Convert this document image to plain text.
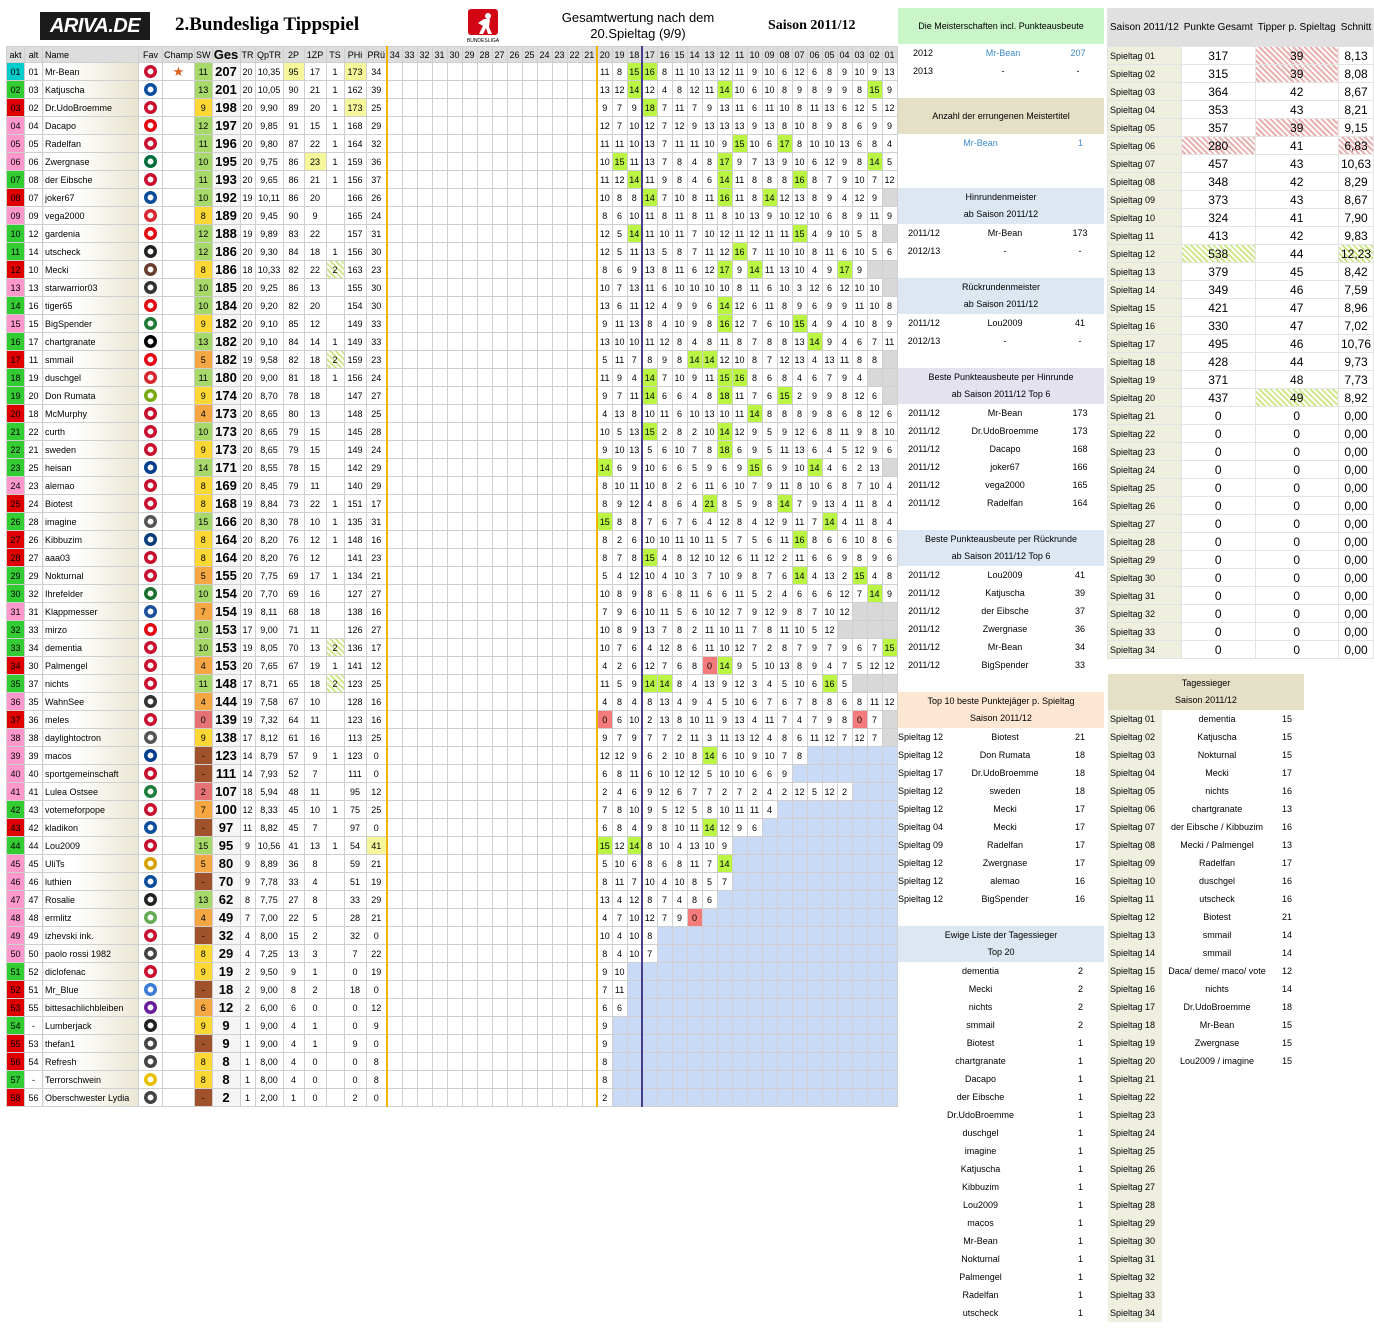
ARIVA.DE 2.Bundesliga Tippspiel
BUNDESLIGA
Gesamtwertung nach dem
20.Spieltag (9/9)
Saison 2011/12
akt	alt	Name	Fav	Champ	SW	Ges	TR	QpTR	2P	1ZP	TS	PHi	PRü	34	33	32	31	30	29	28	27	26	25	24	23	22	21	20	19	18	17	16	15	14	13	12	11	10	09	08	07	06	05	04	03	02	01
01	01	Mr-Bean		★	11	207	20	10,35	95	17	1	173	34															11	8	15	16	8	11	10	13	12	11	9	10	6	12	6	8	9	10	9	13
02	03	Katjuscha			13	201	20	10,05	90	21	1	162	39															13	12	14	12	4	8	12	11	14	10	6	10	8	9	8	9	9	8	15	9
03	02	Dr.UdoBroemme			9	198	20	9,90	89	20	1	173	25															9	7	9	18	7	11	7	9	13	11	6	11	10	8	11	13	6	12	5	12
04	04	Dacapo			12	197	20	9,85	91	15	1	168	29															12	7	10	12	7	12	9	13	13	13	9	13	8	10	8	9	8	6	9	9
05	05	Radelfan			11	196	20	9,80	87	22	1	164	32															11	11	10	13	7	11	11	10	9	15	10	6	17	8	10	10	13	6	8	4
06	06	Zwergnase			10	195	20	9,75	86	23	1	159	36															10	15	11	13	7	8	4	8	17	9	7	13	9	10	6	12	9	8	14	5
07	08	der Eibsche			11	193	20	9,65	86	21	1	156	37															11	12	14	11	9	8	4	6	14	11	8	8	8	16	8	7	9	10	7	12
08	07	joker67			10	192	19	10,11	86	20		166	26															10	8	8	14	7	10	8	11	16	11	8	14	12	13	8	9	4	12	9	
09	09	vega2000			8	189	20	9,45	90	9		165	24															8	6	10	11	8	11	8	11	8	10	13	9	10	12	10	6	8	9	11	9
10	12	gardenia			12	188	19	9,89	83	22		157	31															12	5	14	11	10	11	7	10	12	11	12	11	11	15	4	9	10	5	8	
11	14	utscheck			12	186	20	9,30	84	18	1	156	30															12	5	11	13	5	8	7	11	12	16	7	11	10	10	8	11	6	10	5	6
12	10	Mecki			8	186	18	10,33	82	22	2	163	23															8	6	9	13	8	11	6	12	17	9	14	11	13	10	4	9	17	9		
13	13	starwarrior03			10	185	20	9,25	86	13		155	30															10	7	13	11	6	10	10	10	10	8	11	6	10	3	12	6	12	10	10	
14	16	tiger65			10	184	20	9,20	82	20		154	30															13	6	11	12	4	9	9	6	14	12	6	11	8	9	6	9	9	11	10	8
15	15	BigSpender			9	182	20	9,10	85	12		149	33															9	11	13	8	4	10	9	8	16	12	7	6	10	15	4	9	4	10	8	9
16	17	chartgranate			13	182	20	9,10	84	14	1	149	33															13	10	10	11	12	8	4	8	11	8	7	8	8	13	14	9	4	6	7	11
17	11	smmail			5	182	19	9,58	82	18	2	159	23															5	11	7	8	9	8	14	14	12	10	8	7	12	13	4	13	11	8	8	
18	19	duschgel			11	180	20	9,00	81	18	1	156	24															11	9	4	14	7	10	9	11	15	16	8	6	8	4	6	7	9	4		
19	20	Don Rumata			9	174	20	8,70	78	18		147	27															9	7	11	14	6	6	4	8	18	11	7	6	15	2	9	9	8	12	6	
20	18	McMurphy			4	173	20	8,65	80	13		148	25															4	13	8	10	11	6	10	13	10	11	14	8	8	8	9	8	6	8	12	6
21	22	curth			10	173	20	8,65	79	15		145	28															10	5	13	15	2	8	2	10	14	12	9	5	9	12	6	8	11	9	8	10
22	21	sweden			9	173	20	8,65	79	15		149	24															9	10	13	5	6	10	7	8	18	6	9	5	11	13	6	4	5	12	9	6
23	25	heisan			14	171	20	8,55	78	15		142	29															14	6	9	10	6	6	5	9	6	9	15	6	9	10	14	4	6	2	13	
24	23	alemao			8	169	20	8,45	79	11		140	29															8	10	11	10	8	2	6	11	6	10	7	9	11	8	10	6	8	7	10	4
25	24	Biotest			8	168	19	8,84	73	22	1	151	17															8	9	12	4	8	6	4	21	8	5	9	8	14	7	9	13	4	11	8	4
26	28	imagine			15	166	20	8,30	78	10	1	135	31															15	8	8	7	6	7	6	4	12	8	4	12	9	11	7	14	4	11	8	4
27	26	Kibbuzim			8	164	20	8,20	76	12	1	148	16															8	2	6	10	10	11	10	11	5	7	5	6	11	16	8	6	6	10	8	6
28	27	aaa03			8	164	20	8,20	76	12		141	23															8	7	8	15	4	8	12	10	12	6	11	12	2	11	6	6	9	8	9	6
29	29	Nokturnal			5	155	20	7,75	69	17	1	134	21															5	4	12	10	4	10	3	7	10	9	8	7	6	14	4	13	2	15	4	8
30	32	Ihrefelder			10	154	20	7,70	69	16		127	27															10	8	9	8	6	8	11	6	6	11	5	2	4	6	6	6	12	7	14	9
31	31	Klappmesser			7	154	19	8,11	68	18		138	16															7	9	6	10	11	5	6	10	12	7	9	12	9	8	7	10	12			
32	33	mirzo			10	153	17	9,00	71	11		126	27															10	8	9	13	7	8	2	11	10	11	7	8	11	10	5	12				
33	34	dementia			10	153	19	8,05	70	13	2	136	17															10	7	6	4	12	8	6	11	10	12	7	2	8	7	9	7	9	6	7	15
34	30	Palmengel			4	153	20	7,65	67	19	1	141	12															4	2	6	12	7	6	8	0	14	9	5	10	13	8	9	4	7	5	12	12
35	37	nichts			11	148	17	8,71	65	18	2	123	25															11	5	9	14	14	8	4	13	9	12	3	4	5	10	6	16	5			
36	35	WahnSee			4	144	19	7,58	67	10		128	16															4	8	4	8	13	4	9	4	5	10	6	7	6	7	8	8	6	8	11	12
37	36	meles			0	139	19	7,32	64	11		123	16															0	6	10	2	13	8	10	11	9	13	4	11	7	4	7	9	8	0	7	
38	38	daylightoctron			9	138	17	8,12	61	16		113	25															9	7	9	7	7	2	11	3	11	13	12	4	8	6	11	12	7	12	7	
39	39	macos			-	123	14	8,79	57	9	1	123	0															12	12	9	6	2	10	8	14	6	10	9	10	7	8						
40	40	sportgemeinschaft			-	111	14	7,93	52	7		111	0															6	8	11	6	10	12	12	5	10	10	6	6	9							
41	41	Lulea Ostsee			2	107	18	5,94	48	11		95	12															2	4	6	9	12	6	7	7	2	7	2	4	2	12	5	12	2			
42	43	votemeforpope			7	100	12	8,33	45	10	1	75	25															7	8	10	9	5	12	5	8	10	11	11	4								
43	42	kladikon			-	97	11	8,82	45	7		97	0															6	8	4	9	8	10	11	14	12	9	6									
44	44	Lou2009			15	95	9	10,56	41	13	1	54	41															15	12	14	8	10	4	13	10	9											
45	45	UliTs			5	80	9	8,89	36	8		59	21															5	10	6	8	6	8	11	7	14											
46	46	luthien			-	70	9	7,78	33	4		51	19															8	11	7	10	4	10	8	5	7											
47	47	Rosalie			13	62	8	7,75	27	8		33	29															13	4	12	8	7	4	8	6												
48	48	ermlitz			4	49	7	7,00	22	5		28	21															4	7	10	12	7	9	0													
49	49	izhevski ink.			-	32	4	8,00	15	2		32	0															10	4	10	8																
50	50	paolo rossi 1982			8	29	4	7,25	13	3		7	22															8	4	10	7																
51	52	diclofenac			9	19	2	9,50	9	1		0	19															9	10																		
52	51	Mr_Blue			-	18	2	9,00	8	2		18	0															7	11																		
53	55	bittesachlichbleiben			6	12	2	6,00	6	0		0	12															6	6																		
54	-	Lumberjack			9	9	1	9,00	4	1		0	9															9																			
55	53	thefan1			-	9	1	9,00	4	1		9	0															9																			
56	54	Refresh			8	8	1	8,00	4	0		0	8															8																			
57	-	Terrorschwein			8	8	1	8,00	4	0		0	8															8																			
58	56	Oberschwester Lydia			-	2	1	2,00	1	0		2	0															2																			
Die Meisterschaften incl. Punkteausbeute
2012	Mr-Bean	207
2013	-	-
Anzahl der errungenen Meistertitel
Mr-Bean	1
Hinrundenmeister
ab Saison 2011/12
2011/12	Mr-Bean	173
2012/13	-	-
Rückrundenmeister
ab Saison 2011/12
2011/12	Lou2009	41
2012/13	-	-
Beste Punkteausbeute per Hinrunde
ab Saison 2011/12 Top 6
2011/12	Mr-Bean	173
2011/12	Dr.UdoBroemme	173
2011/12	Dacapo	168
2011/12	joker67	166
2011/12	vega2000	165
2011/12	Radelfan	164
Beste Punkteausbeute per Rückrunde
ab Saison 2011/12 Top 6
2011/12	Lou2009	41
2011/12	Katjuscha	39
2011/12	der Eibsche	37
2011/12	Zwergnase	36
2011/12	Mr-Bean	34
2011/12	BigSpender	33
Top 10 beste Punktejäger p. Spieltag
Saison 2011/12
Spieltag 12	Biotest	21
Spieltag 12	Don Rumata	18
Spieltag 17	Dr.UdoBroemme	18
Spieltag 12	sweden	18
Spieltag 12	Mecki	17
Spieltag 04	Mecki	17
Spieltag 09	Radelfan	17
Spieltag 12	Zwergnase	17
Spieltag 12	alemao	16
Spieltag 12	BigSpender	16
Ewige Liste der Tagessieger
Top 20
dementia	2
Mecki	2
nichts	2
smmail	2
Biotest	1
chartgranate	1
Dacapo	1
der Eibsche	1
Dr.UdoBroemme	1
duschgel	1
imagine	1
Katjuscha	1
Kibbuzim	1
Lou2009	1
macos	1
Mr-Bean	1
Nokturnal	1
Palmengel	1
Radelfan	1
utscheck	1
Saison 2011/12	Punkte Gesamt	Tipper p. Spieltag	Schnitt
Spieltag 01	317	39	8,13
Spieltag 02	315	39	8,08
Spieltag 03	364	42	8,67
Spieltag 04	353	43	8,21
Spieltag 05	357	39	9,15
Spieltag 06	280	41	6,83
Spieltag 07	457	43	10,63
Spieltag 08	348	42	8,29
Spieltag 09	373	43	8,67
Spieltag 10	324	41	7,90
Spieltag 11	413	42	9,83
Spieltag 12	538	44	12,23
Spieltag 13	379	45	8,42
Spieltag 14	349	46	7,59
Spieltag 15	421	47	8,96
Spieltag 16	330	47	7,02
Spieltag 17	495	46	10,76
Spieltag 18	428	44	9,73
Spieltag 19	371	48	7,73
Spieltag 20	437	49	8,92
Spieltag 21	0	0	0,00
Spieltag 22	0	0	0,00
Spieltag 23	0	0	0,00
Spieltag 24	0	0	0,00
Spieltag 25	0	0	0,00
Spieltag 26	0	0	0,00
Spieltag 27	0	0	0,00
Spieltag 28	0	0	0,00
Spieltag 29	0	0	0,00
Spieltag 30	0	0	0,00
Spieltag 31	0	0	0,00
Spieltag 32	0	0	0,00
Spieltag 33	0	0	0,00
Spieltag 34	0	0	0,00
Tagessieger
Saison 2011/12
Spieltag 01	dementia	15
Spieltag 02	Katjuscha	15
Spieltag 03	Nokturnal	15
Spieltag 04	Mecki	17
Spieltag 05	nichts	16
Spieltag 06	chartgranate	13
Spieltag 07	der Eibsche / Kibbuzim	16
Spieltag 08	Mecki / Palmengel	13
Spieltag 09	Radelfan	17
Spieltag 10	duschgel	16
Spieltag 11	utscheck	16
Spieltag 12	Biotest	21
Spieltag 13	smmail	14
Spieltag 14	smmail	14
Spieltag 15	Daca/ deme/ maco/ vote	12
Spieltag 16	nichts	14
Spieltag 17	Dr.UdoBroemme	18
Spieltag 18	Mr-Bean	15
Spieltag 19	Zwergnase	15
Spieltag 20	Lou2009 / imagine	15
Spieltag 21
Spieltag 22
Spieltag 23
Spieltag 24
Spieltag 25
Spieltag 26
Spieltag 27
Spieltag 28
Spieltag 29
Spieltag 30
Spieltag 31
Spieltag 32
Spieltag 33
Spieltag 34
